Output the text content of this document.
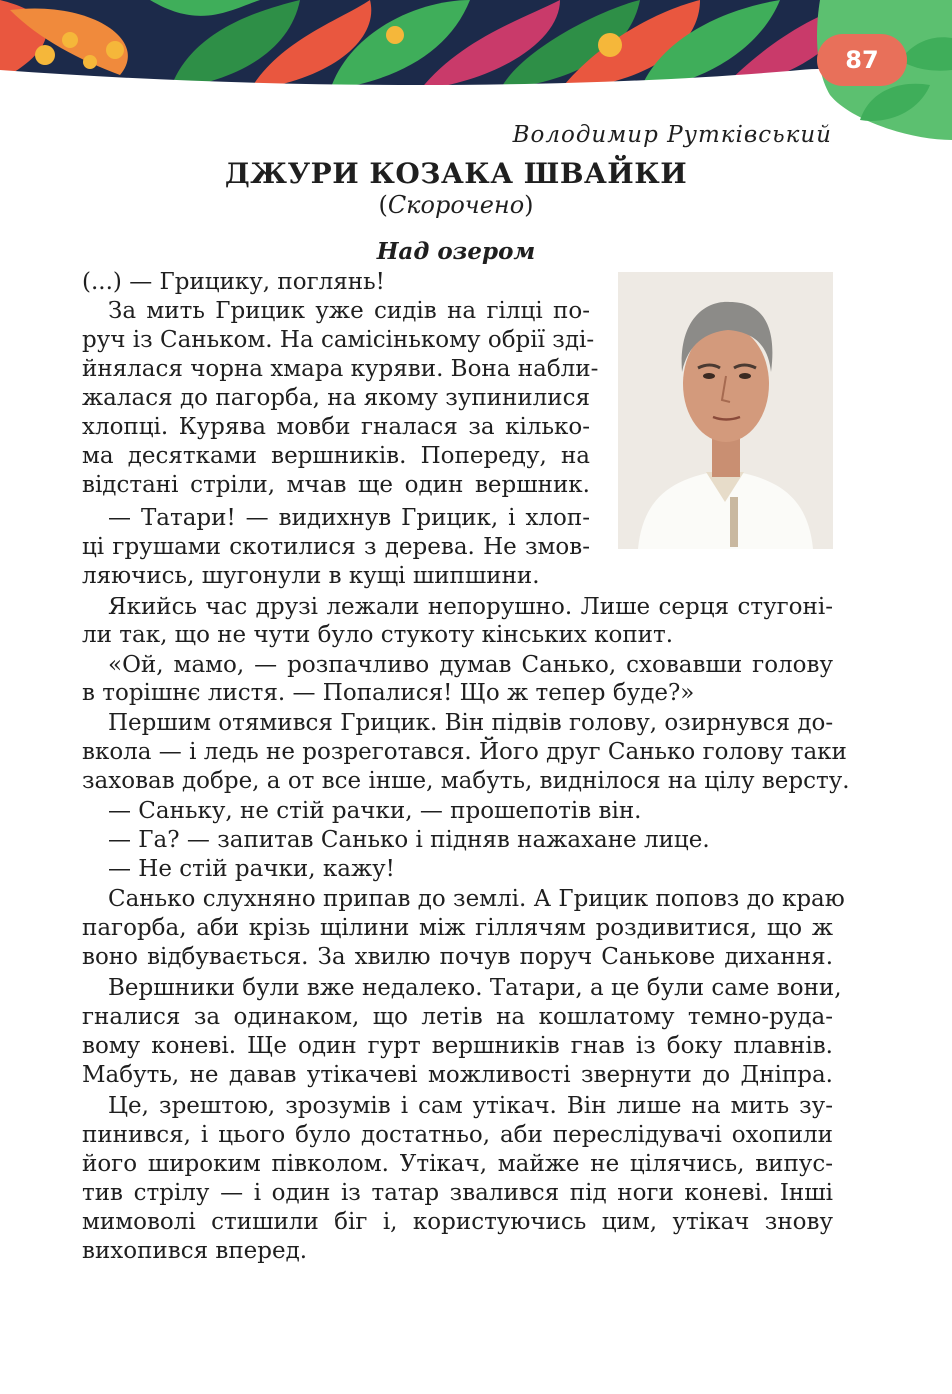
87
Володимир Рутківський
ДЖУРИ КОЗАКА ШВАЙКИ
(Скорочено)
Над озером
(...) — Грицику, поглянь!
За мить Грицик уже сидів на гілці по-
руч із Саньком. На самісінькому обрії зді-
йнялася чорна хмара куряви. Вона набли-
жалася до пагорба, на якому зупинилися
хлопці. Курява мовби гналася за кілько-
ма десятками вершників. Попереду, на
відстані стріли, мчав ще один вершник.
— Татари! — видихнув Грицик, і хлоп-
ці грушами скотилися з дерева. Не змов-
ляючись, шугонули в кущі шипшини.
Якийсь час друзі лежали непорушно. Лише серця стугоні-
ли так, що не чути було стукоту кінських копит.
«Ой, мамо, — розпачливо думав Санько, сховавши голову
в торішнє листя. — Попалися! Що ж тепер буде?»
Першим отямився Грицик. Він підвів голову, озирнувся до-
вкола — і ледь не розреготався. Його друг Санько голову таки
заховав добре, а от все інше, мабуть, виднілося на цілу версту.
— Саньку, не стій рачки, — прошепотів він.
— Га? — запитав Санько і підняв нажахане лице.
— Не стій рачки, кажу!
Санько слухняно припав до землі. А Грицик поповз до краю
пагорба, аби крізь щілини між гіллячям роздивитися, що ж
воно відбувається. За хвилю почув поруч Санькове дихання.
Вершники були вже недалеко. Татари, а це були саме вони,
гналися за одинаком, що летів на кошлатому темно-руда-
вому коневі. Ще один гурт вершників гнав із боку плавнів.
Мабуть, не давав утікачеві можливості звернути до Дніпра.
Це, зрештою, зрозумів і сам утікач. Він лише на мить зу-
пинився, і цього було достатньо, аби переслідувачі охопили
його широким півколом. Утікач, майже не цілячись, випус-
тив стрілу — і один із татар звалився під ноги коневі. Інші
мимоволі стишили біг і, користуючись цим, утікач знову
вихопився вперед.
